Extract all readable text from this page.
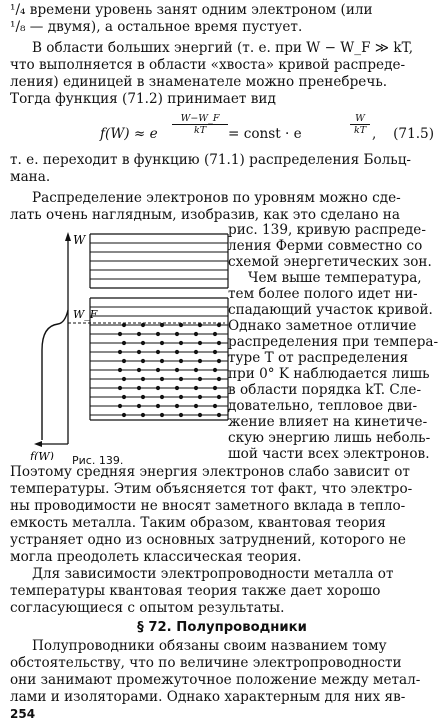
¹/₄ времени уровень занят одним электроном (или
¹/₈ — двумя), а остальное время пустует.
В области больших энергий (т. е. при W − W_F ≫ kT,
что выполняется в области «хвоста» кривой распреде-
ления) единицей в знаменателе можно пренебречь.
Тогда функция (71.2) принимает вид
f(W) ≈ e $\frac{W-W\_F}{kT}$ = const · e	$\frac{W}{kT}$ , (71.5)
т. е. переходит в функцию (71.1) распределения Больц-
мана.
Распределение электронов по уровням можно сде-
лать очень наглядным, изобразив, как это сделано на
рис. 139, кривую распреде-
ления Ферми совместно со
схемой энергетических зон.
Чем выше температура,
тем более полого идет ни-
спадающий участок кривой.
Однако заметное отличие
распределения при темпера-
туре T от распределения
при 0° K наблюдается лишь
в области порядка kT. Сле-
довательно, тепловое дви-
жение влияет на кинетиче-
скую энергию лишь неболь-
шой части всех электронов.
W
f(W)
W_F
Рис. 139.
Поэтому средняя энергия электронов слабо зависит от
температуры. Этим объясняется тот факт, что электро-
ны проводимости не вносят заметного вклада в тепло-
емкость металла. Таким образом, квантовая теория
устраняет одно из основных затруднений, которого не
могла преодолеть классическая теория.
Для зависимости электропроводности металла от
температуры квантовая теория также дает хорошо
согласующиеся с опытом результаты.
§ 72. Полупроводники
254
Полупроводники обязаны своим названием тому
обстоятельству, что по величине электропроводности
они занимают промежуточное положение между метал-
лами и изоляторами. Однако характерным для них яв-
